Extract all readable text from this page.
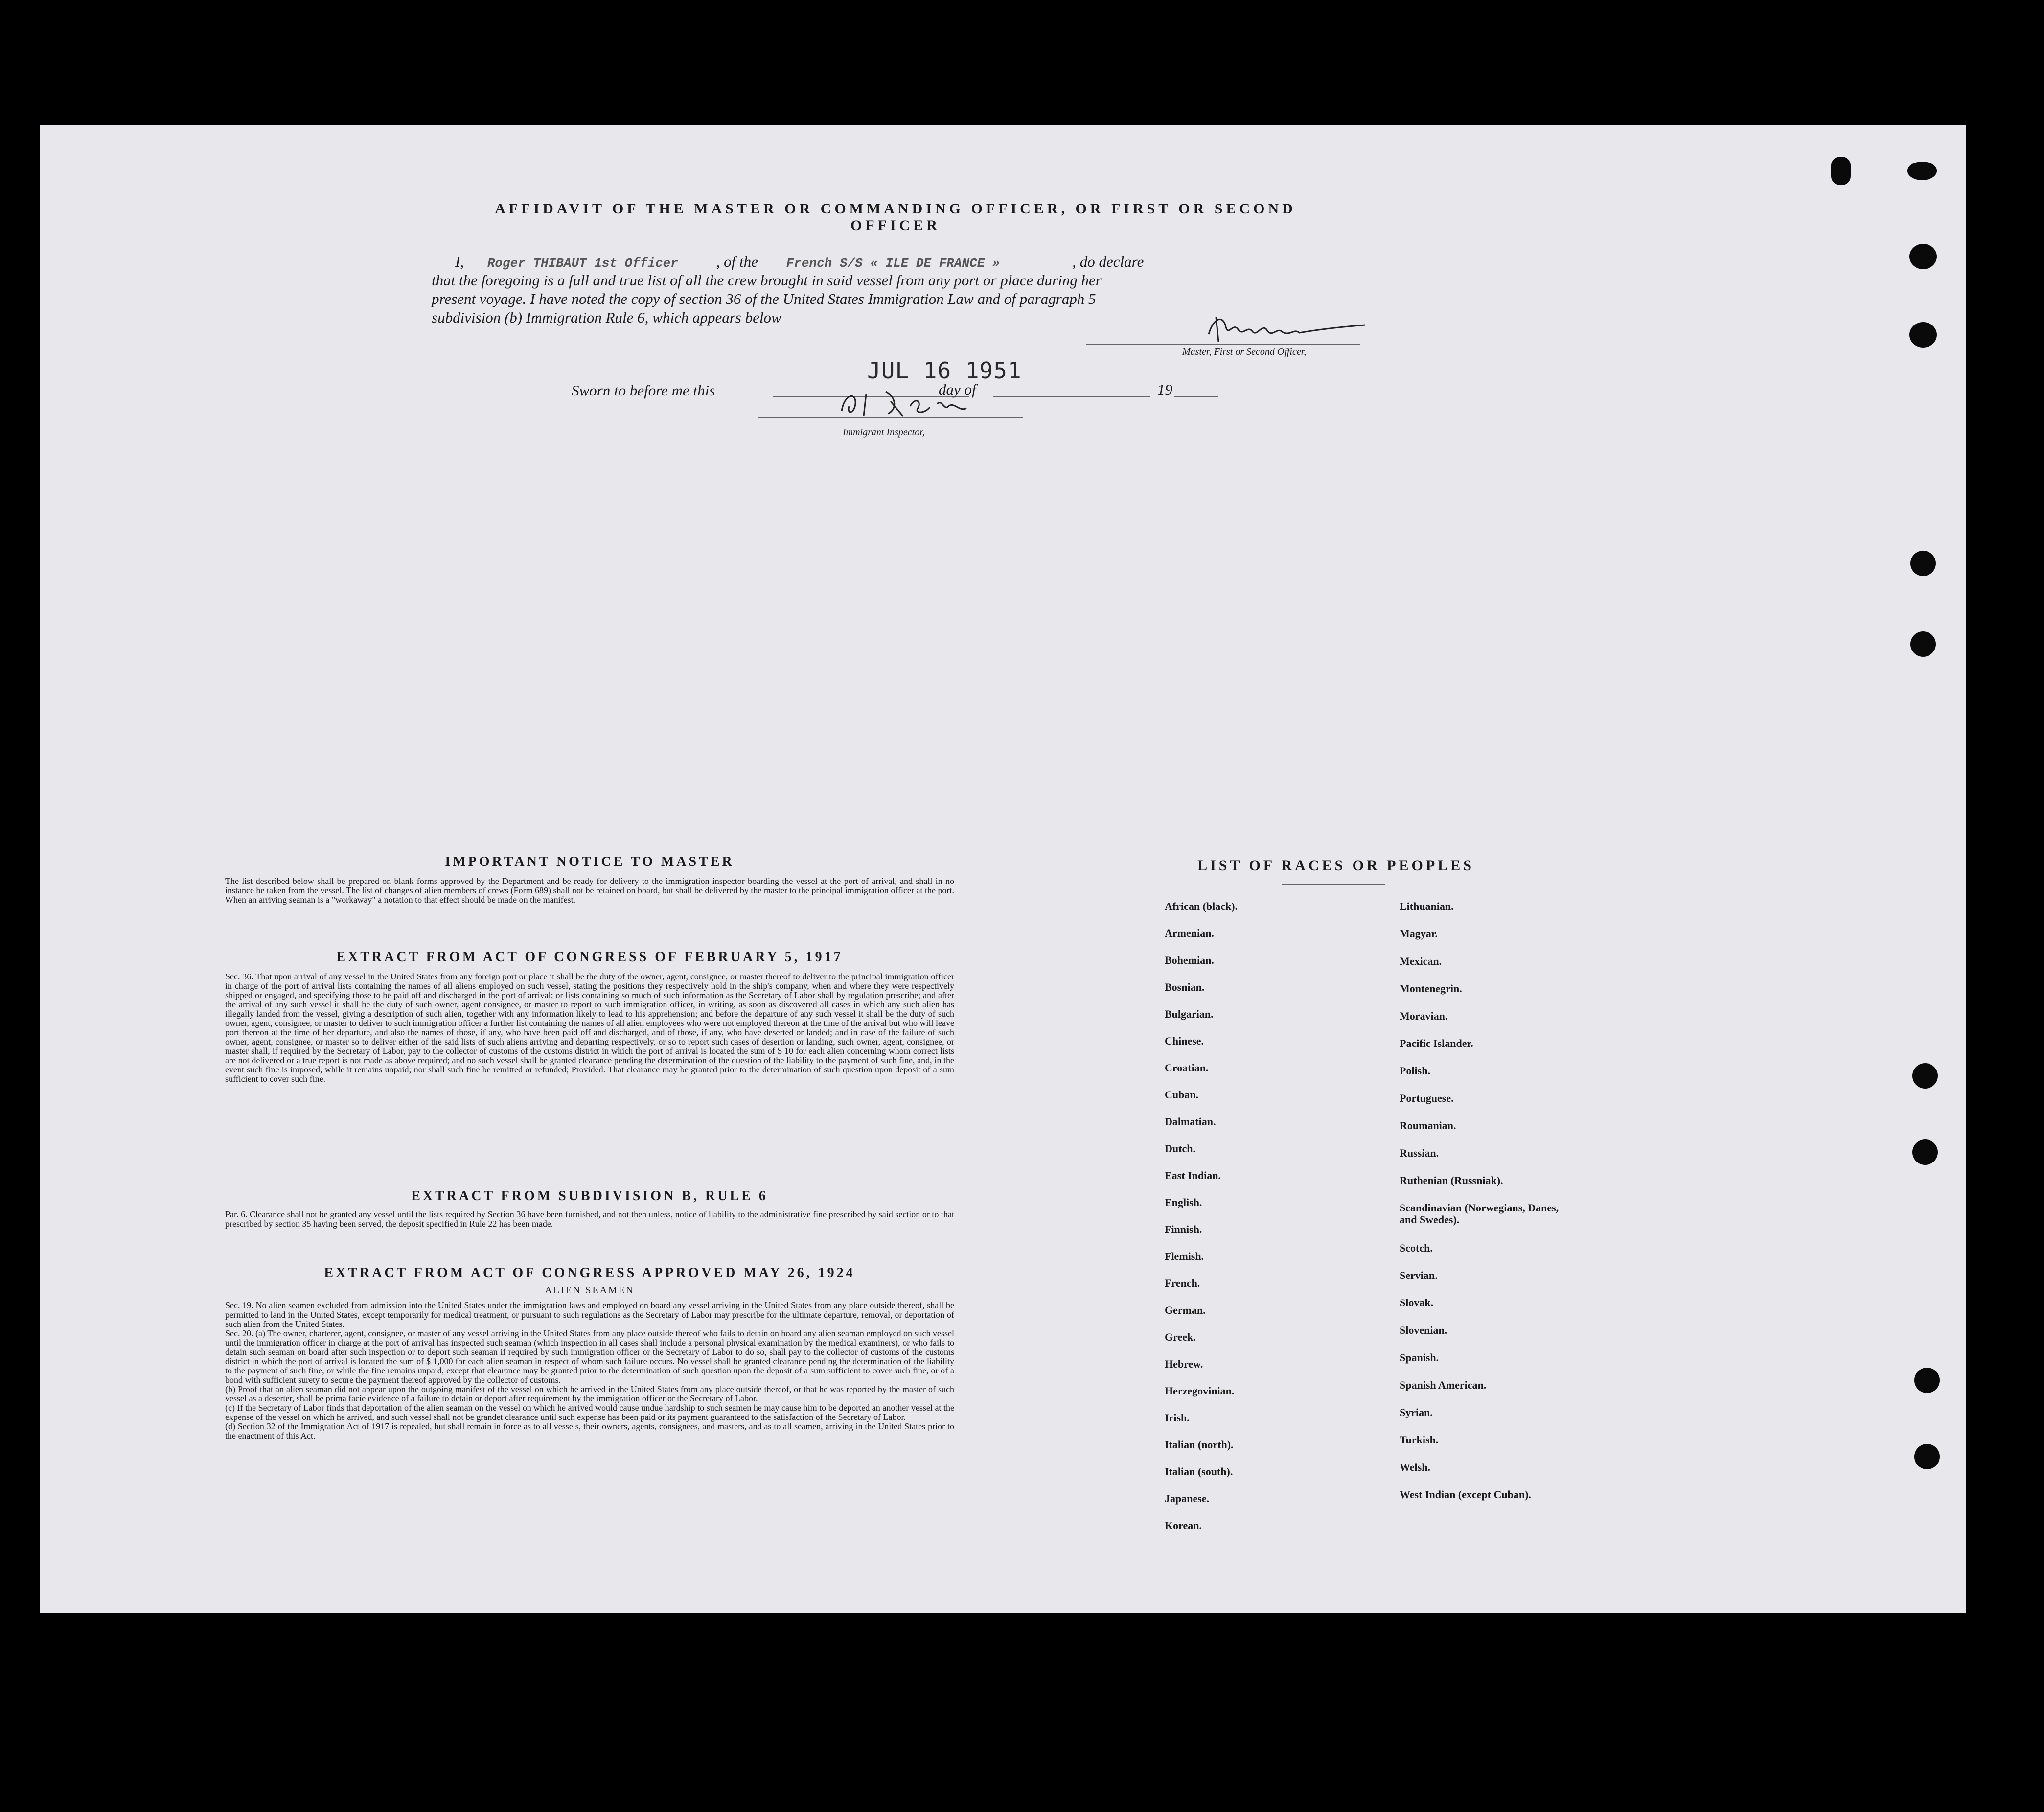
AFFIDAVIT OF THE MASTER OR COMMANDING OFFICER, OR FIRST OR SECOND OFFICER
I, Roger THIBAUT 1st Officer	, of the French S/S « ILE DE FRANCE »	, do declare
that the foregoing is a full and true list of all the crew brought in said vessel from any port or place during her
present voyage. I have noted the copy of section 36 of the United States Immigration Law and of paragraph 5
subdivision (b) Immigration Rule 6, which appears below
Master, First or Second Officer,
Sworn to before me this
JUL 16 1951
day of	19
Immigrant Inspector,
IMPORTANT NOTICE TO MASTER
The list described below shall be prepared on blank forms approved by the Department and be ready for delivery to the immigration inspector boarding the vessel at the port of arrival, and shall in no instance be taken from the vessel. The list of changes of alien members of crews (Form 689) shall not be retained on board, but shall be delivered by the master to the principal immigration officer at the port. When an arriving seaman is a "workaway" a notation to that effect should be made on the manifest.
EXTRACT FROM ACT OF CONGRESS OF FEBRUARY 5, 1917
Sec. 36. That upon arrival of any vessel in the United States from any foreign port or place it shall be the duty of the owner, agent, consignee, or master thereof to deliver to the principal immigration officer in charge of the port of arrival lists containing the names of all aliens employed on such vessel, stating the positions they respectively hold in the ship's company, when and where they were respectively shipped or engaged, and specifying those to be paid off and discharged in the port of arrival; or lists containing so much of such information as the Secretary of Labor shall by regulation prescribe; and after the arrival of any such vessel it shall be the duty of such owner, agent consignee, or master to report to such immigration officer, in writing, as soon as discovered all cases in which any such alien has illegally landed from the vessel, giving a description of such alien, together with any information likely to lead to his apprehension; and before the departure of any such vessel it shall be the duty of such owner, agent, consignee, or master to deliver to such immigration officer a further list containing the names of all alien employees who were not employed thereon at the time of the arrival but who will leave port thereon at the time of her departure, and also the names of those, if any, who have been paid off and discharged, and of those, if any, who have deserted or landed; and in case of the failure of such owner, agent, consignee, or master so to deliver either of the said lists of such aliens arriving and departing respectively, or so to report such cases of desertion or landing, such owner, agent, consignee, or master shall, if required by the Secretary of Labor, pay to the collector of customs of the customs district in which the port of arrival is located the sum of $ 10 for each alien concerning whom correct lists are not delivered or a true report is not made as above required; and no such vessel shall be granted clearance pending the determination of the question of the liability to the payment of such fine, and, in the event such fine is imposed, while it remains unpaid; nor shall such fine be remitted or refunded; Provided. That clearance may be granted prior to the determination of such question upon deposit of a sum sufficient to cover such fine.
EXTRACT FROM SUBDIVISION B, RULE 6
Par. 6. Clearance shall not be granted any vessel until the lists required by Section 36 have been furnished, and not then unless, notice of liability to the administrative fine prescribed by said section or to that prescribed by section 35 having been served, the deposit specified in Rule 22 has been made.
EXTRACT FROM ACT OF CONGRESS APPROVED MAY 26, 1924
ALIEN SEAMEN
Sec. 19. No alien seamen excluded from admission into the United States under the immigration laws and employed on board any vessel arriving in the United States from any place outside thereof, shall be permitted to land in the United States, except temporarily for medical treatment, or pursuant to such regulations as the Secretary of Labor may prescribe for the ultimate departure, removal, or deportation of such alien from the United States.
Sec. 20. (a) The owner, charterer, agent, consignee, or master of any vessel arriving in the United States from any place outside thereof who fails to detain on board any alien seaman employed on such vessel until the immigration officer in charge at the port of arrival has inspected such seaman (which inspection in all cases shall include a personal physical examination by the medical examiners), or who fails to detain such seaman on board after such inspection or to deport such seaman if required by such immigration officer or the Secretary of Labor to do so, shall pay to the collector of customs of the customs district in which the port of arrival is located the sum of $ 1,000 for each alien seaman in respect of whom such failure occurs. No vessel shall be granted clearance pending the determination of the liability to the payment of such fine, or while the fine remains unpaid, except that clearance may be granted prior to the determination of such question upon the deposit of a sum sufficient to cover such fine, or of a bond with sufficient surety to secure the payment thereof approved by the collector of customs.
(b) Proof that an alien seaman did not appear upon the outgoing manifest of the vessel on which he arrived in the United States from any place outside thereof, or that he was reported by the master of such vessel as a deserter, shall be prima facie evidence of a failure to detain or deport after requirement by the immigration officer or the Secretary of Labor.
(c) If the Secretary of Labor finds that deportation of the alien seaman on the vessel on which he arrived would cause undue hardship to such seamen he may cause him to be deported an another vessel at the expense of the vessel on which he arrived, and such vessel shall not be grandet clearance until such expense has been paid or its payment guaranteed to the satisfaction of the Secretary of Labor.
(d) Section 32 of the Immigration Act of 1917 is repealed, but shall remain in force as to all vessels, their owners, agents, consignees, and masters, and as to all seamen, arriving in the United States prior to the enactment of this Act.
LIST OF RACES OR PEOPLES
African (black).
Armenian.
Bohemian.
Bosnian.
Bulgarian.
Chinese.
Croatian.
Cuban.
Dalmatian.
Dutch.
East Indian.
English.
Finnish.
Flemish.
French.
German.
Greek.
Hebrew.
Herzegovinian.
Irish.
Italian (north).
Italian (south).
Japanese.
Korean.
Lithuanian.
Magyar.
Mexican.
Montenegrin.
Moravian.
Pacific Islander.
Polish.
Portuguese.
Roumanian.
Russian.
Ruthenian (Russniak).
Scandinavian (Norwegians, Danes, and Swedes).
Scotch.
Servian.
Slovak.
Slovenian.
Spanish.
Spanish American.
Syrian.
Turkish.
Welsh.
West Indian (except Cuban).
